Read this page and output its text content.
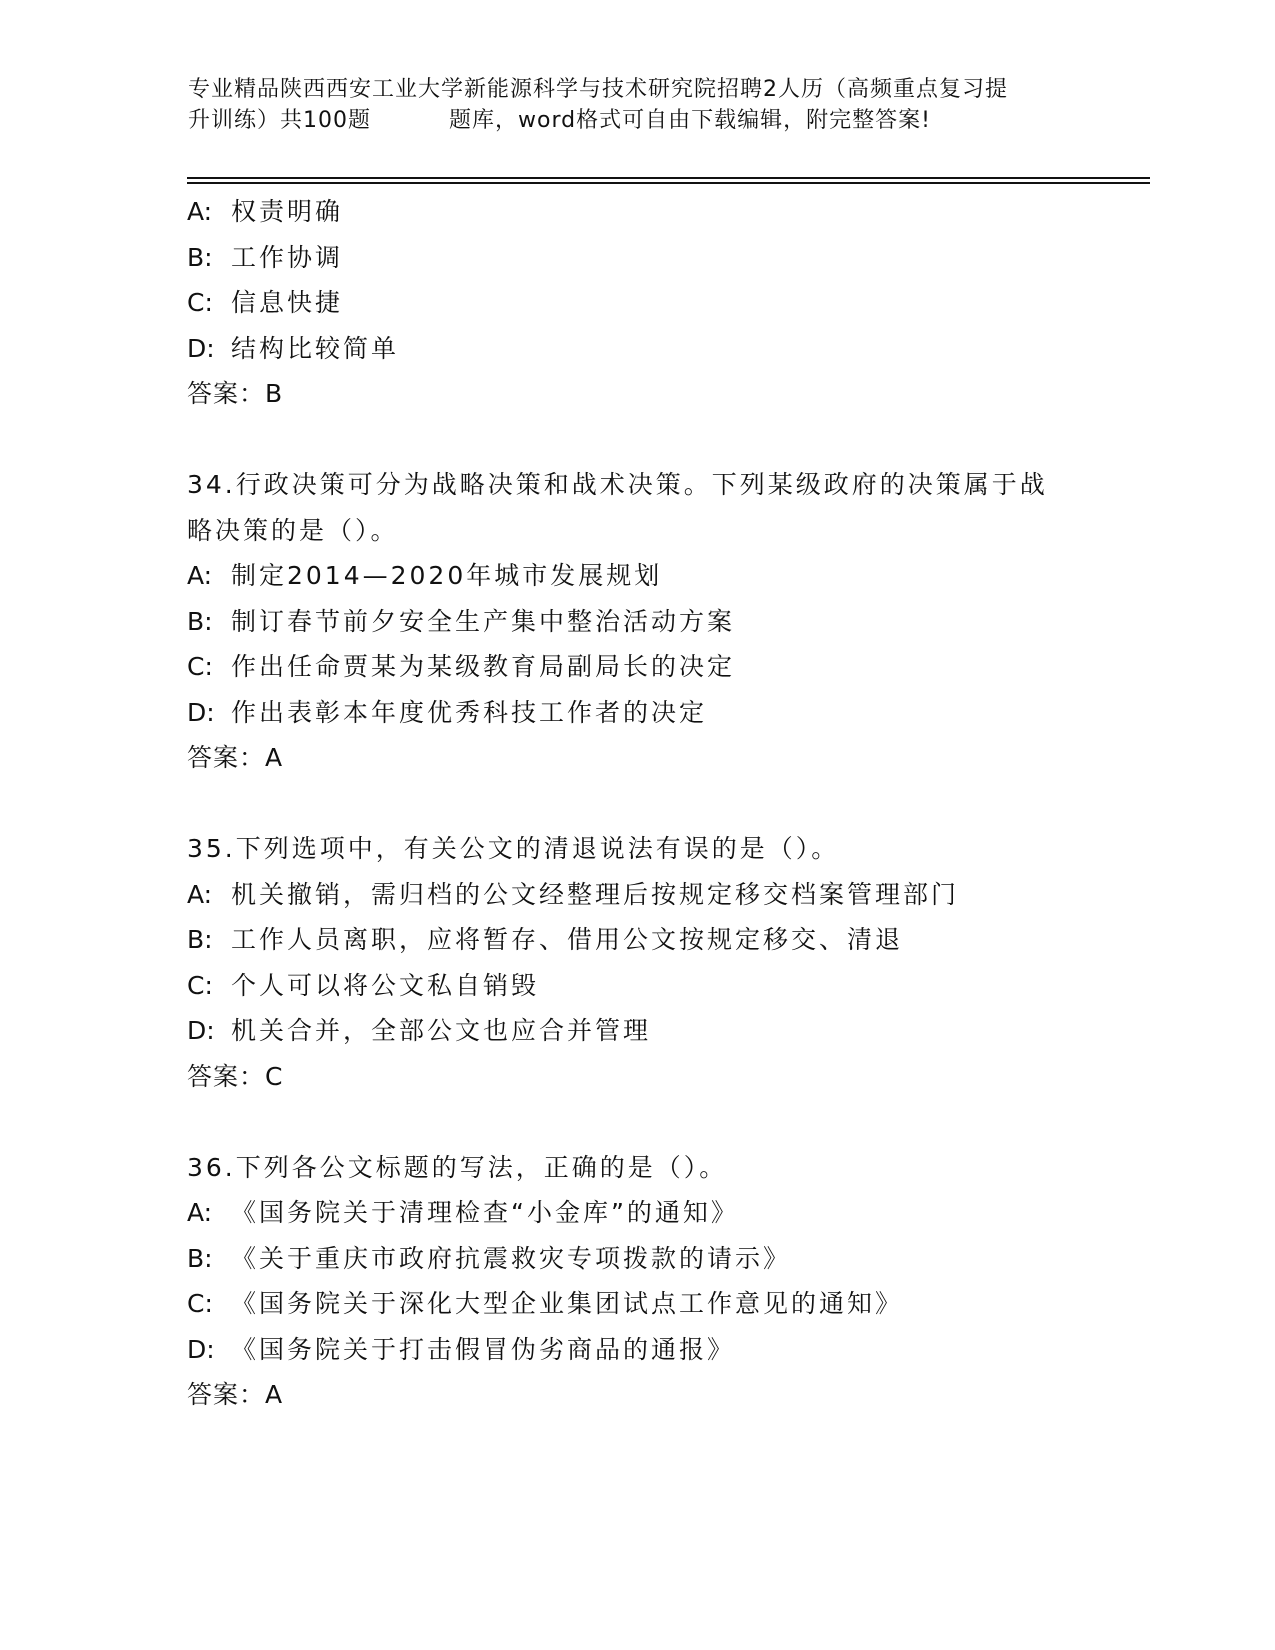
专业精品陕西西安工业大学新能源科学与技术研究院招聘2人历（高频重点复习提
升训练）共100题	题库，word格式可自由下载编辑，附完整答案!
A: 权责明确
B: 工作协调
C: 信息快捷
D: 结构比较简单
答案：B
34.行政决策可分为战略决策和战术决策。下列某级政府的决策属于战
略决策的是（）。
A: 制定2014—2020年城市发展规划
B: 制订春节前夕安全生产集中整治活动方案
C: 作出任命贾某为某级教育局副局长的决定
D: 作出表彰本年度优秀科技工作者的决定
答案：A
35.下列选项中，有关公文的清退说法有误的是（）。
A: 机关撤销，需归档的公文经整理后按规定移交档案管理部门
B: 工作人员离职，应将暂存、借用公文按规定移交、清退
C: 个人可以将公文私自销毁
D: 机关合并，全部公文也应合并管理
答案：C
36.下列各公文标题的写法，正确的是（）。
A: 《国务院关于清理检查“小金库”的通知》
B: 《关于重庆市政府抗震救灾专项拨款的请示》
C: 《国务院关于深化大型企业集团试点工作意见的通知》
D: 《国务院关于打击假冒伪劣商品的通报》
答案：A
